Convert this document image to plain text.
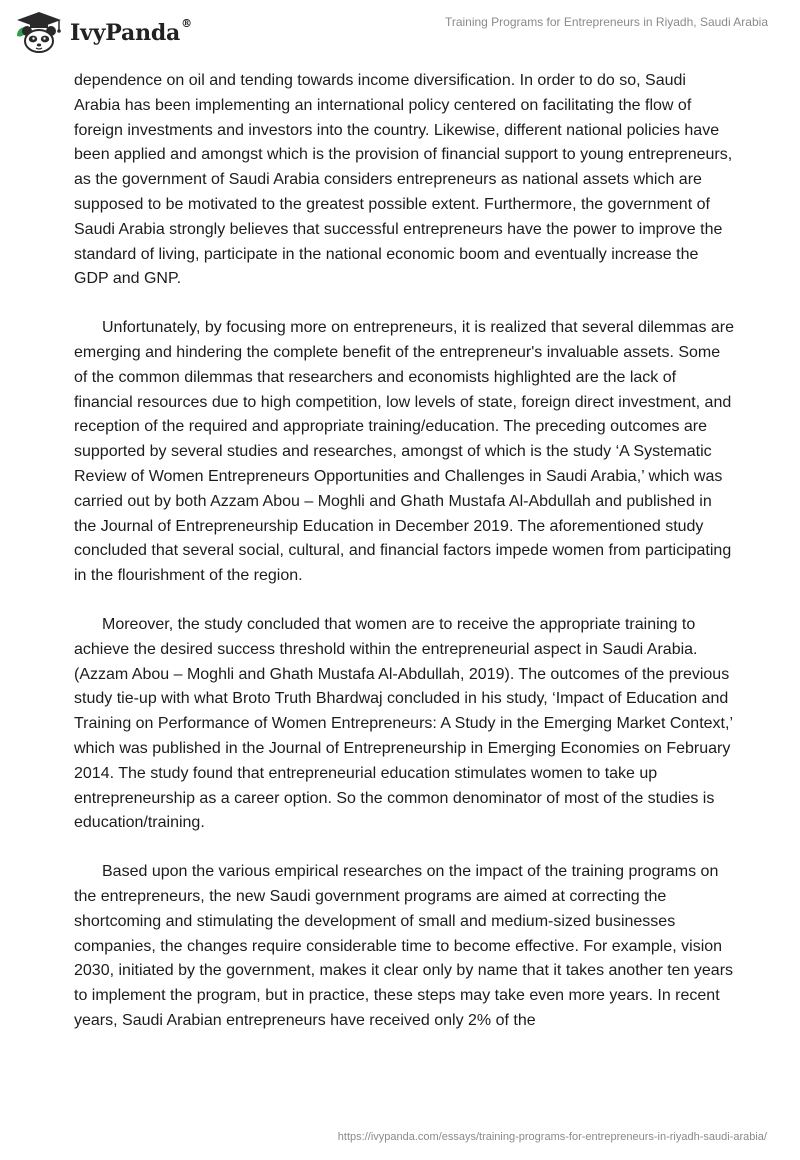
IvyPanda®	Training Programs for Entrepreneurs in Riyadh, Saudi Arabia

dependence on oil and tending towards income diversification. In order to do so, Saudi Arabia has been implementing an international policy centered on facilitating the flow of foreign investments and investors into the country. Likewise, different national policies have been applied and amongst which is the provision of financial support to young entrepreneurs, as the government of Saudi Arabia considers entrepreneurs as national assets which are supposed to be motivated to the greatest possible extent. Furthermore, the government of Saudi Arabia strongly believes that successful entrepreneurs have the power to improve the standard of living, participate in the national economic boom and eventually increase the GDP and GNP.

Unfortunately, by focusing more on entrepreneurs, it is realized that several dilemmas are emerging and hindering the complete benefit of the entrepreneur's invaluable assets. Some of the common dilemmas that researchers and economists highlighted are the lack of financial resources due to high competition, low levels of state, foreign direct investment, and reception of the required and appropriate training/education. The preceding outcomes are supported by several studies and researches, amongst of which is the study ‘A Systematic Review of Women Entrepreneurs Opportunities and Challenges in Saudi Arabia,’ which was carried out by both Azzam Abou – Moghli and Ghath Mustafa Al-Abdullah and published in the Journal of Entrepreneurship Education in December 2019. The aforementioned study concluded that several social, cultural, and financial factors impede women from participating in the flourishment of the region.

Moreover, the study concluded that women are to receive the appropriate training to achieve the desired success threshold within the entrepreneurial aspect in Saudi Arabia. (Azzam Abou – Moghli and Ghath Mustafa Al-Abdullah, 2019). The outcomes of the previous study tie-up with what Broto Truth Bhardwaj concluded in his study, ‘Impact of Education and Training on Performance of Women Entrepreneurs: A Study in the Emerging Market Context,’ which was published in the Journal of Entrepreneurship in Emerging Economies on February 2014. The study found that entrepreneurial education stimulates women to take up entrepreneurship as a career option. So the common denominator of most of the studies is education/training.

Based upon the various empirical researches on the impact of the training programs on the entrepreneurs, the new Saudi government programs are aimed at correcting the shortcoming and stimulating the development of small and medium-sized businesses companies, the changes require considerable time to become effective. For example, vision 2030, initiated by the government, makes it clear only by name that it takes another ten years to implement the program, but in practice, these steps may take even more years. In recent years, Saudi Arabian entrepreneurs have received only 2% of the

https://ivypanda.com/essays/training-programs-for-entrepreneurs-in-riyadh-saudi-arabia/
